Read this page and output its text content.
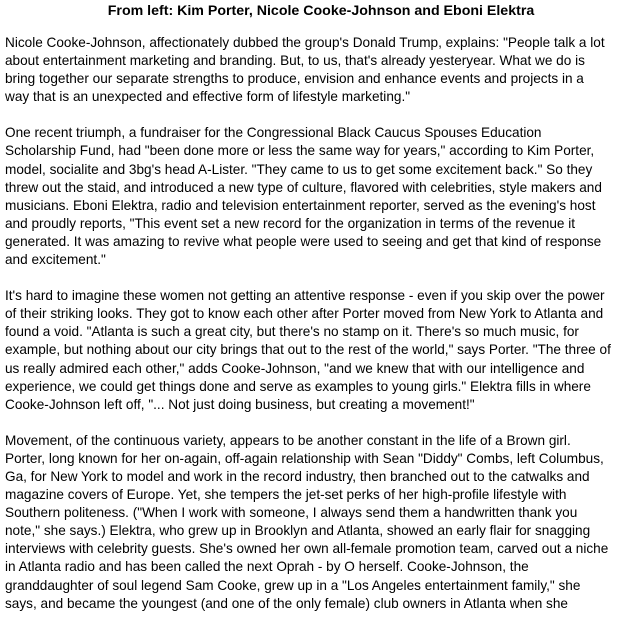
From left: Kim Porter, Nicole Cooke-Johnson and Eboni Elektra
Nicole Cooke-Johnson, affectionately dubbed the group's Donald Trump, explains: "People talk a lot
about entertainment marketing and branding. But, to us, that's already yesteryear. What we do is
bring together our separate strengths to produce, envision and enhance events and projects in a
way that is an unexpected and effective form of lifestyle marketing."
One recent triumph, a fundraiser for the Congressional Black Caucus Spouses Education
Scholarship Fund, had "been done more or less the same way for years," according to Kim Porter,
model, socialite and 3bg's head A-Lister. "They came to us to get some excitement back." So they
threw out the staid, and introduced a new type of culture, flavored with celebrities, style makers and
musicians. Eboni Elektra, radio and television entertainment reporter, served as the evening's host
and proudly reports, "This event set a new record for the organization in terms of the revenue it
generated. It was amazing to revive what people were used to seeing and get that kind of response
and excitement."
It's hard to imagine these women not getting an attentive response - even if you skip over the power
of their striking looks. They got to know each other after Porter moved from New York to Atlanta and
found a void. "Atlanta is such a great city, but there's no stamp on it. There's so much music, for
example, but nothing about our city brings that out to the rest of the world," says Porter. "The three of
us really admired each other," adds Cooke-Johnson, "and we knew that with our intelligence and
experience, we could get things done and serve as examples to young girls." Elektra fills in where
Cooke-Johnson left off, "... Not just doing business, but creating a movement!"
Movement, of the continuous variety, appears to be another constant in the life of a Brown girl.
Porter, long known for her on-again, off-again relationship with Sean "Diddy" Combs, left Columbus,
Ga, for New York to model and work in the record industry, then branched out to the catwalks and
magazine covers of Europe. Yet, she tempers the jet-set perks of her high-profile lifestyle with
Southern politeness. ("When I work with someone, I always send them a handwritten thank you
note," she says.) Elektra, who grew up in Brooklyn and Atlanta, showed an early flair for snagging
interviews with celebrity guests. She's owned her own all-female promotion team, carved out a niche
in Atlanta radio and has been called the next Oprah - by O herself. Cooke-Johnson, the
granddaughter of soul legend Sam Cooke, grew up in a "Los Angeles entertainment family," she
says, and became the youngest (and one of the only female) club owners in Atlanta when she
